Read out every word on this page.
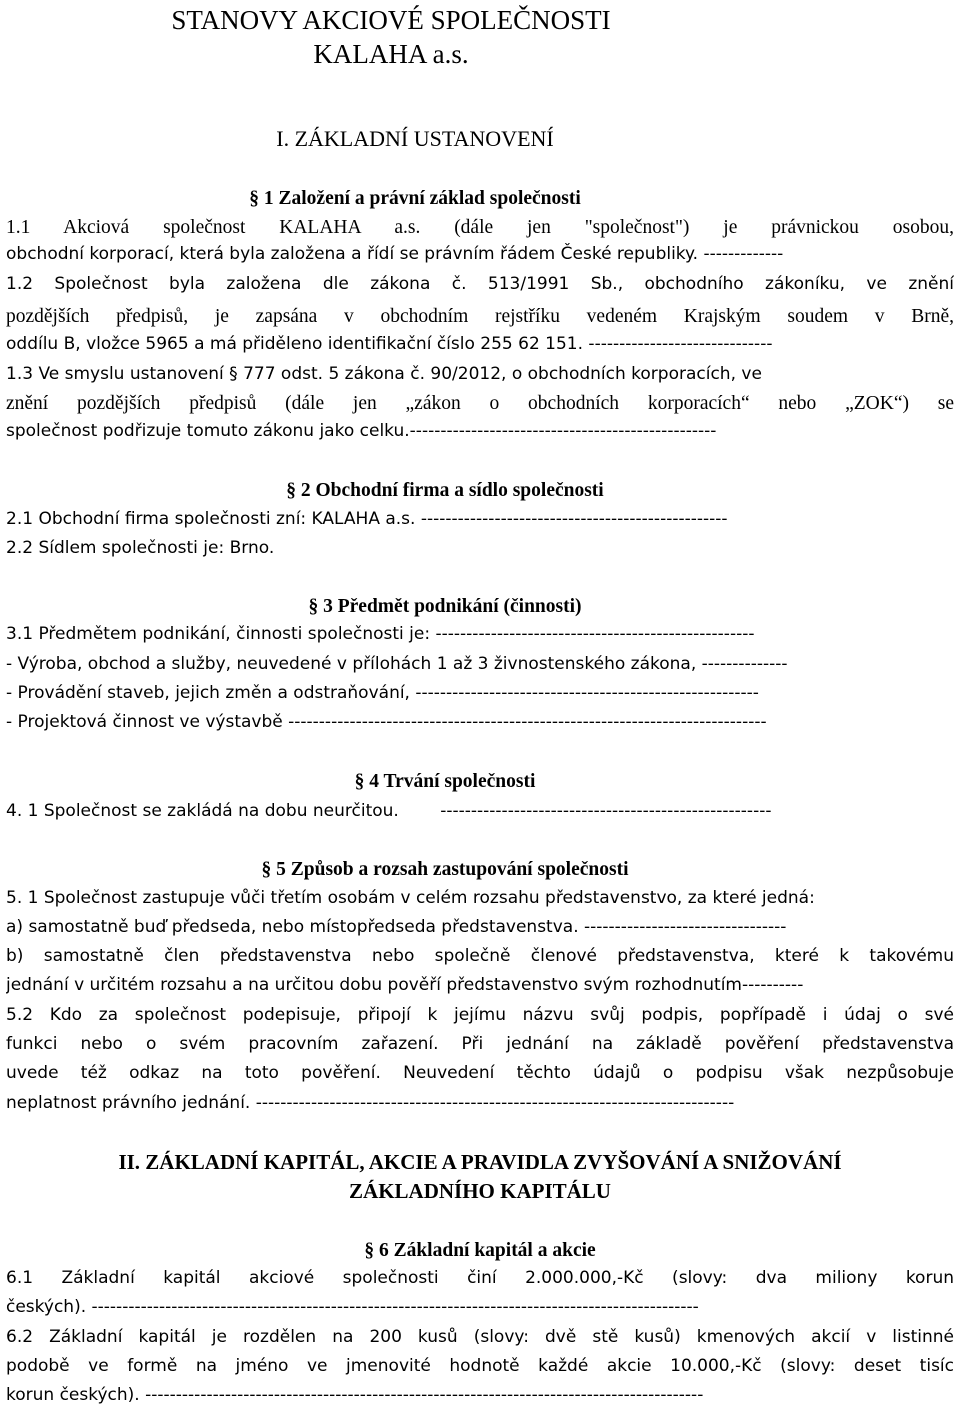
STANOVY AKCIOVÉ SPOLEČNOSTI
KALAHA a.s.
I. ZÁKLADNÍ USTANOVENÍ
§ 1 Založení a právní základ společnosti
1.1 Akciová společnost KALAHA a.s. (dále jen "společnost") je právnickou osobou,
obchodní korporací, která byla založena a řídí se právním řádem České republiky. -------------
1.2 Společnost byla založena dle zákona č. 513/1991 Sb., obchodního zákoníku, ve znění
pozdějších předpisů, je zapsána v obchodním rejstříku vedeném Krajským soudem v Brně,
oddílu B, vložce 5965 a má přiděleno identifikační číslo 255 62 151. ------------------------------
1.3 Ve smyslu ustanovení § 777 odst. 5 zákona č. 90/2012, o obchodních korporacích, ve
znění pozdějších předpisů (dále jen „zákon o obchodních korporacích“ nebo „ZOK“) se
společnost podřizuje tomuto zákonu jako celku.--------------------------------------------------
§ 2 Obchodní firma a sídlo společnosti
2.1 Obchodní firma společnosti zní: KALAHA a.s. --------------------------------------------------
2.2 Sídlem společnosti je: Brno.
§ 3 Předmět podnikání (činnosti)
3.1 Předmětem podnikání, činnosti společnosti je: ----------------------------------------------------
- Výroba, obchod a služby, neuvedené v přílohách 1 až 3 živnostenského zákona, --------------
- Provádění staveb, jejich změn a odstraňování, --------------------------------------------------------
- Projektová činnost ve výstavbě ------------------------------------------------------------------------------
§ 4 Trvání společnosti
4. 1 Společnost se zakládá na dobu neurčitou. ------------------------------------------------------
§ 5 Způsob a rozsah zastupování společnosti
5. 1 Společnost zastupuje vůči třetím osobám v celém rozsahu představenstvo, za které jedná:
a) samostatně buď předseda, nebo místopředseda představenstva. ---------------------------------
b) samostatně člen představenstva nebo společně členové představenstva, které k takovému
jednání v určitém rozsahu a na určitou dobu pověří představenstvo svým rozhodnutím----------
5.2 Kdo za společnost podepisuje, připojí k jejímu názvu svůj podpis, popřípadě i údaj o své
funkci nebo o svém pracovním zařazení. Při jednání na základě pověření představenstva
uvede též odkaz na toto pověření. Neuvedení těchto údajů o podpisu však nezpůsobuje
neplatnost právního jednání. ------------------------------------------------------------------------------
II. ZÁKLADNÍ KAPITÁL, AKCIE A PRAVIDLA ZVYŠOVÁNÍ A SNIŽOVÁNÍ
ZÁKLADNÍHO KAPITÁLU
§ 6 Základní kapitál a akcie
6.1 Základní kapitál akciové společnosti činí 2.000.000,-Kč (slovy: dva miliony korun
českých). ---------------------------------------------------------------------------------------------------
6.2 Základní kapitál je rozdělen na 200 kusů (slovy: dvě stě kusů) kmenových akcií v listinné
podobě ve formě na jméno ve jmenovité hodnotě každé akcie 10.000,-Kč (slovy: deset tisíc
korun českých). -------------------------------------------------------------------------------------------
